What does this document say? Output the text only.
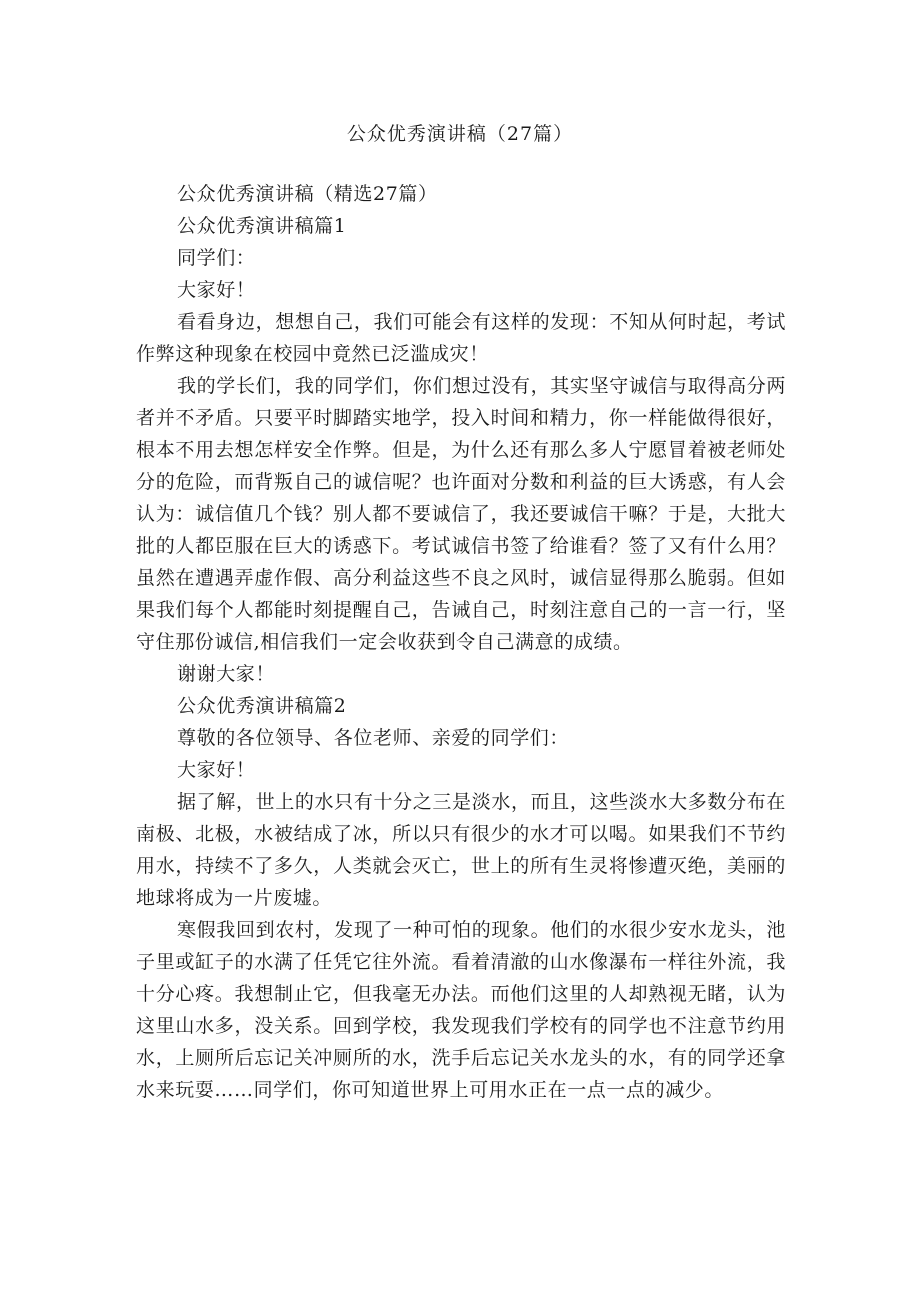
公众优秀演讲稿（27篇）

公众优秀演讲稿（精选27篇）

公众优秀演讲稿篇1

同学们：

大家好！

看看身边，想想自己，我们可能会有这样的发现：不知从何时起，考试作弊这种现象在校园中竟然已泛滥成灾！

我的学长们，我的同学们，你们想过没有，其实坚守诚信与取得高分两者并不矛盾。只要平时脚踏实地学，投入时间和精力，你一样能做得很好，根本不用去想怎样安全作弊。但是，为什么还有那么多人宁愿冒着被老师处分的危险，而背叛自己的诚信呢？也许面对分数和利益的巨大诱惑，有人会认为：诚信值几个钱？别人都不要诚信了，我还要诚信干嘛？于是，大批大批的人都臣服在巨大的诱惑下。考试诚信书签了给谁看？签了又有什么用？虽然在遭遇弄虚作假、高分利益这些不良之风时，诚信显得那么脆弱。但如果我们每个人都能时刻提醒自己，告诫自己，时刻注意自己的一言一行，坚守住那份诚信,相信我们一定会收获到令自己满意的成绩。

谢谢大家！

公众优秀演讲稿篇2

尊敬的各位领导、各位老师、亲爱的同学们：

大家好！

据了解，世上的水只有十分之三是淡水，而且，这些淡水大多数分布在南极、北极，水被结成了冰，所以只有很少的水才可以喝。如果我们不节约用水，持续不了多久，人类就会灭亡，世上的所有生灵将惨遭灭绝，美丽的地球将成为一片废墟。

寒假我回到农村，发现了一种可怕的现象。他们的水很少安水龙头，池子里或缸子的水满了任凭它往外流。看着清澈的山水像瀑布一样往外流，我十分心疼。我想制止它，但我毫无办法。而他们这里的人却熟视无睹，认为这里山水多，没关系。回到学校，我发现我们学校有的同学也不注意节约用水，上厕所后忘记关冲厕所的水，洗手后忘记关水龙头的水，有的同学还拿水来玩耍……同学们，你可知道世界上可用水正在一点一点的减少。
